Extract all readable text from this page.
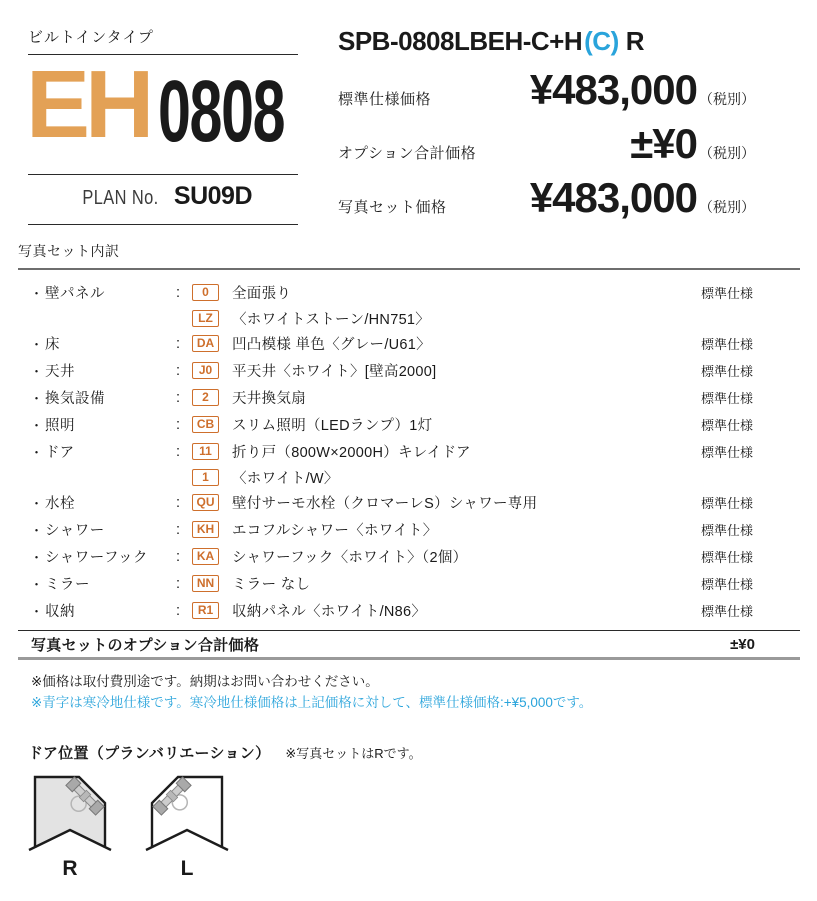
ビルトインタイプ
EH 0808
PLAN No. SU09D
SPB-0808LBEH-C+H(C) R
標準仕様価格 ¥483,000 （税別）
オプション合計価格	±¥0 （税別）
写真セット価格 ¥483,000 （税別）
写真セット内訳
・ 壁パネル	:	0	全面張り	標準仕様
LZ	〈ホワイトストーン/HN751〉
・ 床	:	DA	凹凸模様 単色〈グレー/U61〉	標準仕様
・ 天井	:	J0	平天井〈ホワイト〉[壁高2000]	標準仕様
・ 換気設備	:	2	天井換気扇	標準仕様
・ 照明	:	CB	スリム照明（LEDランプ）1灯	標準仕様
・ ドア	:	11	折り戸（800W×2000H）キレイドア	標準仕様
1	〈ホワイト/W〉
・ 水栓	:	QU	壁付サーモ水栓（クロマーレS）シャワー専用	標準仕様
・ シャワー	:	KH	エコフルシャワー〈ホワイト〉	標準仕様
・ シャワーフック	:	KA	シャワーフック〈ホワイト〉（2個）	標準仕様
・ ミラー	:	NN	ミラー なし	標準仕様
・ 収納	:	R1	収納パネル〈ホワイト/N86〉	標準仕様
写真セットのオプション合計価格	±¥0
※価格は取付費別途です。納期はお問い合わせください。
※青字は寒冷地仕様です。寒冷地仕様価格は上記価格に対して、標準仕様価格:+¥5,000です。
ドア位置（プランバリエーション） ※写真セットはRです。
R	L
